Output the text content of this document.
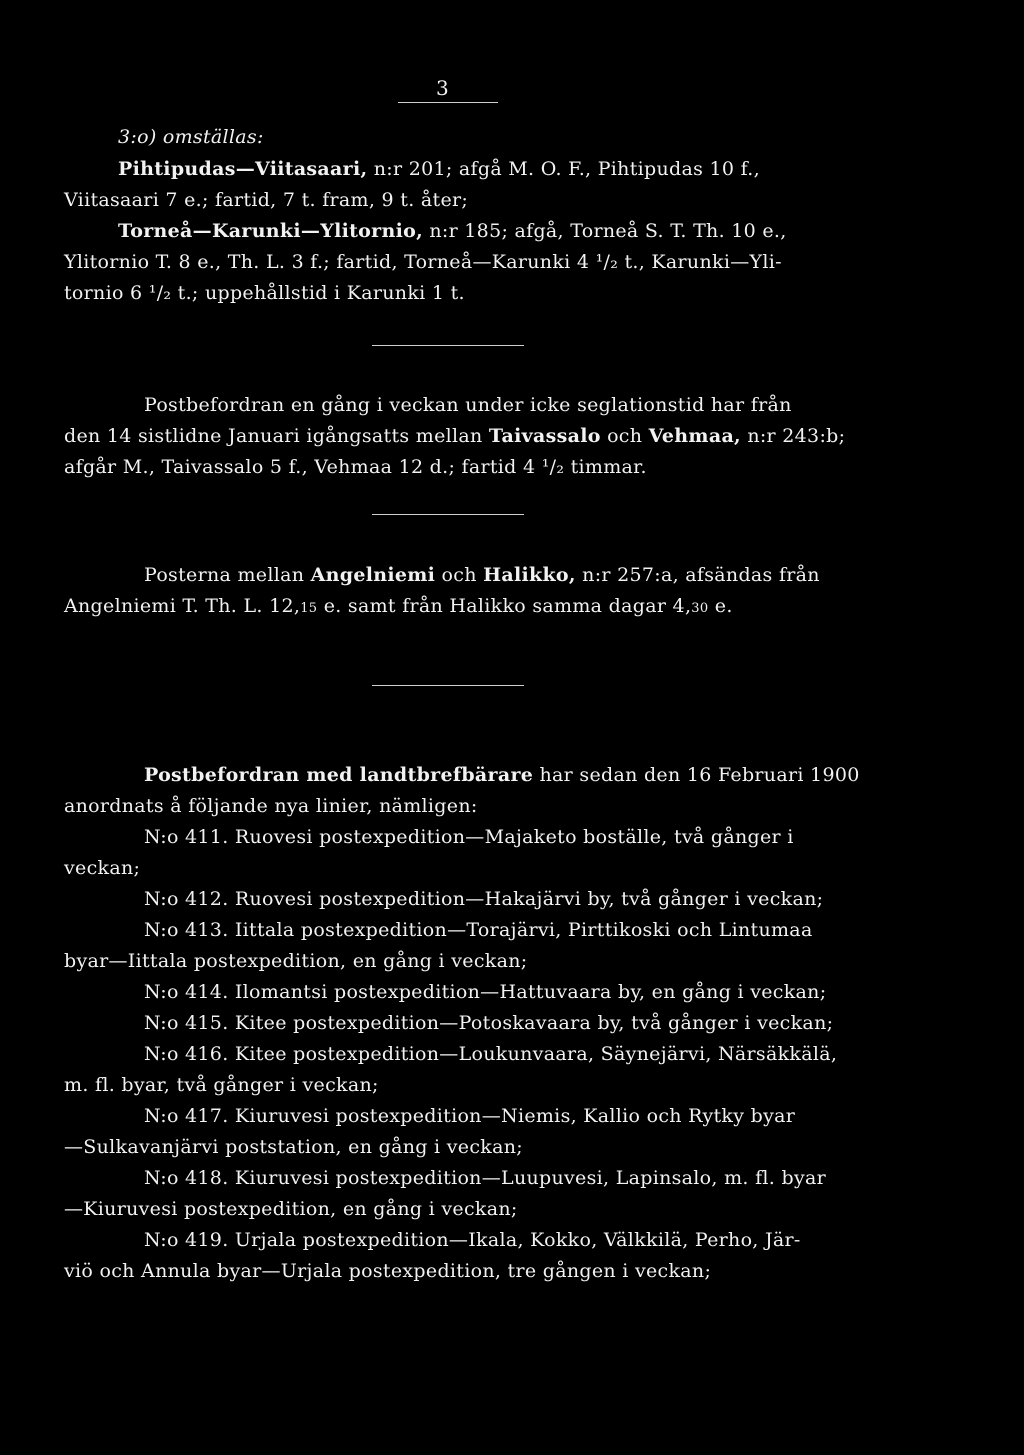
3
3:o) omställas:
Pihtipudas—Viitasaari, n:r 201; afgå M. O. F., Pihtipudas 10 f.,
Viitasaari 7 e.; fartid, 7 t. fram, 9 t. åter;
Torneå—Karunki—Ylitornio, n:r 185; afgå, Torneå S. T. Th. 10 e.,
Ylitornio T. 8 e., Th. L. 3 f.; fartid, Torneå—Karunki 4 ¹/₂ t., Karunki—Yli-
tornio 6 ¹/₂ t.; uppehållstid i Karunki 1 t.
Postbefordran en gång i veckan under icke seglationstid har från
den 14 sistlidne Januari igångsatts mellan Taivassalo och Vehmaa, n:r 243:b;
afgår M., Taivassalo 5 f., Vehmaa 12 d.; fartid 4 ¹/₂ timmar.
Posterna mellan Angelniemi och Halikko, n:r 257:a, afsändas från
Angelniemi T. Th. L. 12,15 e. samt från Halikko samma dagar 4,30 e.
Postbefordran med landtbrefbärare har sedan den 16 Februari 1900
anordnats å följande nya linier, nämligen:
N:o 411. Ruovesi postexpedition—Majaketo boställe, två gånger i
veckan;
N:o 412. Ruovesi postexpedition—Hakajärvi by, två gånger i veckan;
N:o 413. Iittala postexpedition—Torajärvi, Pirttikoski och Lintumaa
byar—Iittala postexpedition, en gång i veckan;
N:o 414. Ilomantsi postexpedition—Hattuvaara by, en gång i veckan;
N:o 415. Kitee postexpedition—Potoskavaara by, två gånger i veckan;
N:o 416. Kitee postexpedition—Loukunvaara, Säynejärvi, Närsäkkälä,
m. fl. byar, två gånger i veckan;
N:o 417. Kiuruvesi postexpedition—Niemis, Kallio och Rytky byar
—Sulkavanjärvi poststation, en gång i veckan;
N:o 418. Kiuruvesi postexpedition—Luupuvesi, Lapinsalo, m. fl. byar
—Kiuruvesi postexpedition, en gång i veckan;
N:o 419. Urjala postexpedition—Ikala, Kokko, Välkkilä, Perho, Jär-
viö och Annula byar—Urjala postexpedition, tre gången i veckan;
